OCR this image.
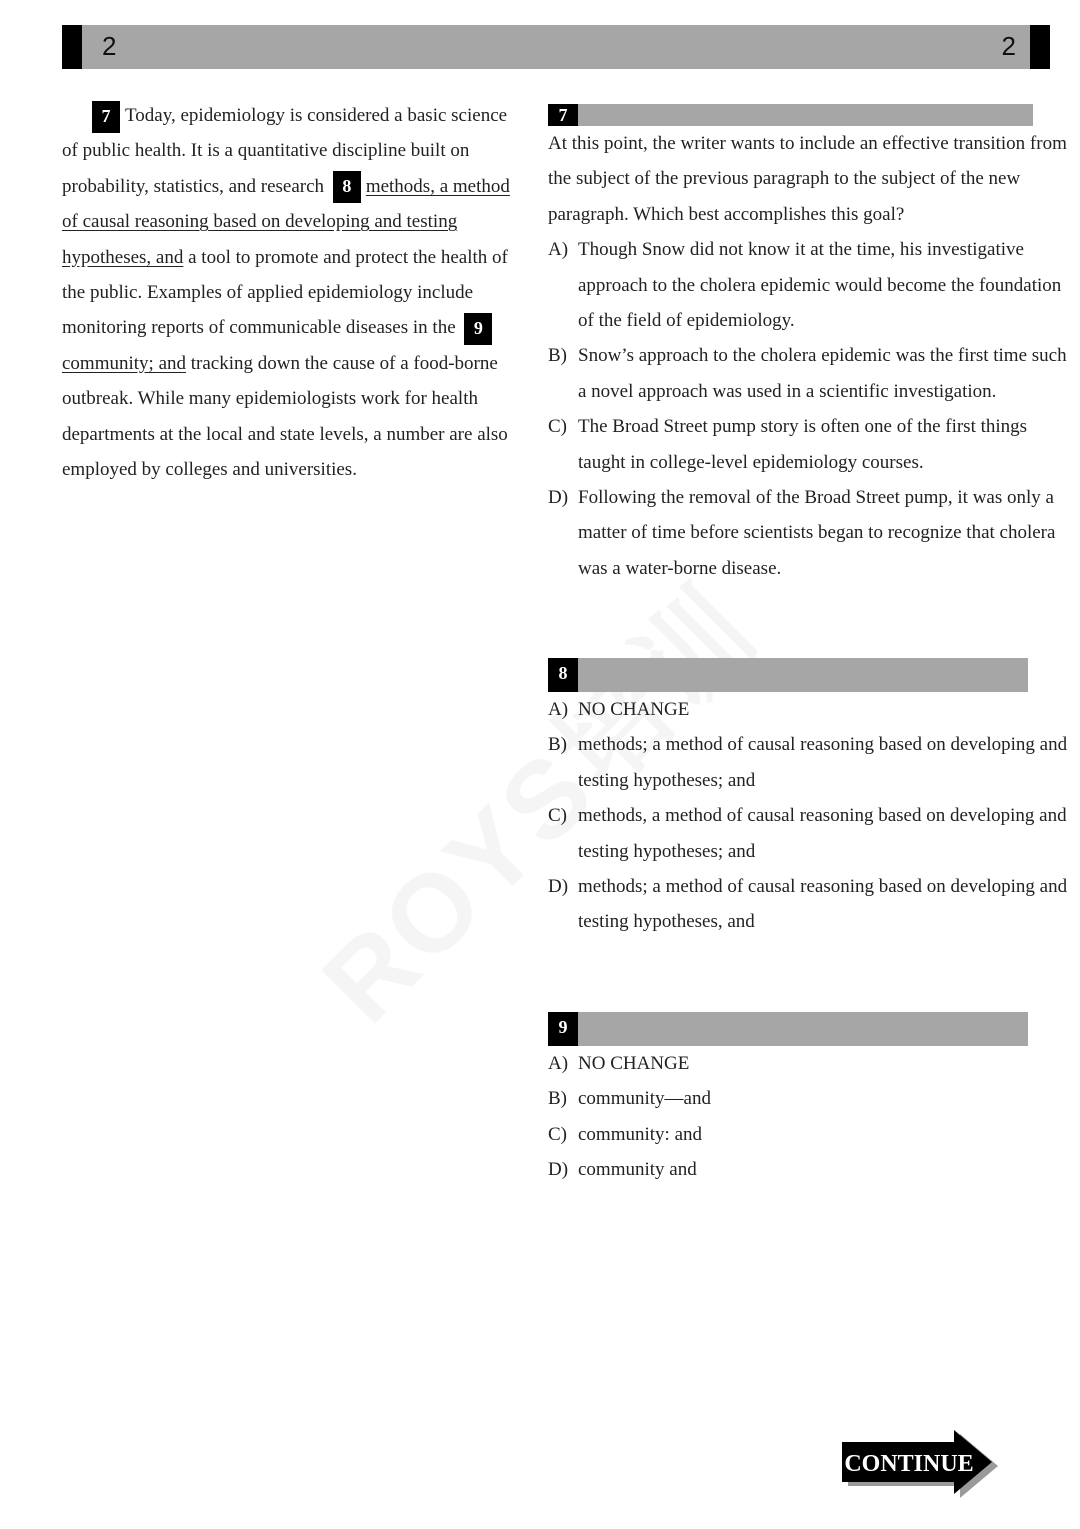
2	2
7 Today, epidemiology is considered a basic science of public health. It is a quantitative discipline built on probability, statistics, and research 8 methods, a method of causal reasoning based on developing and testing hypotheses, and a tool to promote and protect the health of the public. Examples of applied epidemiology include monitoring reports of communicable diseases in the 9community; and tracking down the cause of a food-borne outbreak. While many epidemiologists work for health departments at the local and state levels, a number are also employed by colleges and universities.
7

At this point, the writer wants to include an effective transition from the subject of the previous paragraph to the subject of the new paragraph. Which best accomplishes this goal?

A) Though Snow did not know it at the time, his investigative approach to the cholera epidemic would become the foundation of the field of epidemiology.
B) Snow’s approach to the cholera epidemic was the first time such a novel approach was used in a scientific investigation.
C) The Broad Street pump story is often one of the first things taught in college-level epidemiology courses.
D) Following the removal of the Broad Street pump, it was only a matter of time before scientists began to recognize that cholera was a water-borne disease.
8
A) NO CHANGE
B) methods; a method of causal reasoning based on developing and testing hypotheses; and
C) methods, a method of causal reasoning based on developing and testing hypotheses; and
D) methods; a method of causal reasoning based on developing and testing hypotheses, and
9
A) NO CHANGE
B) community—and
C) community: and
D) community and
CONTINUE
